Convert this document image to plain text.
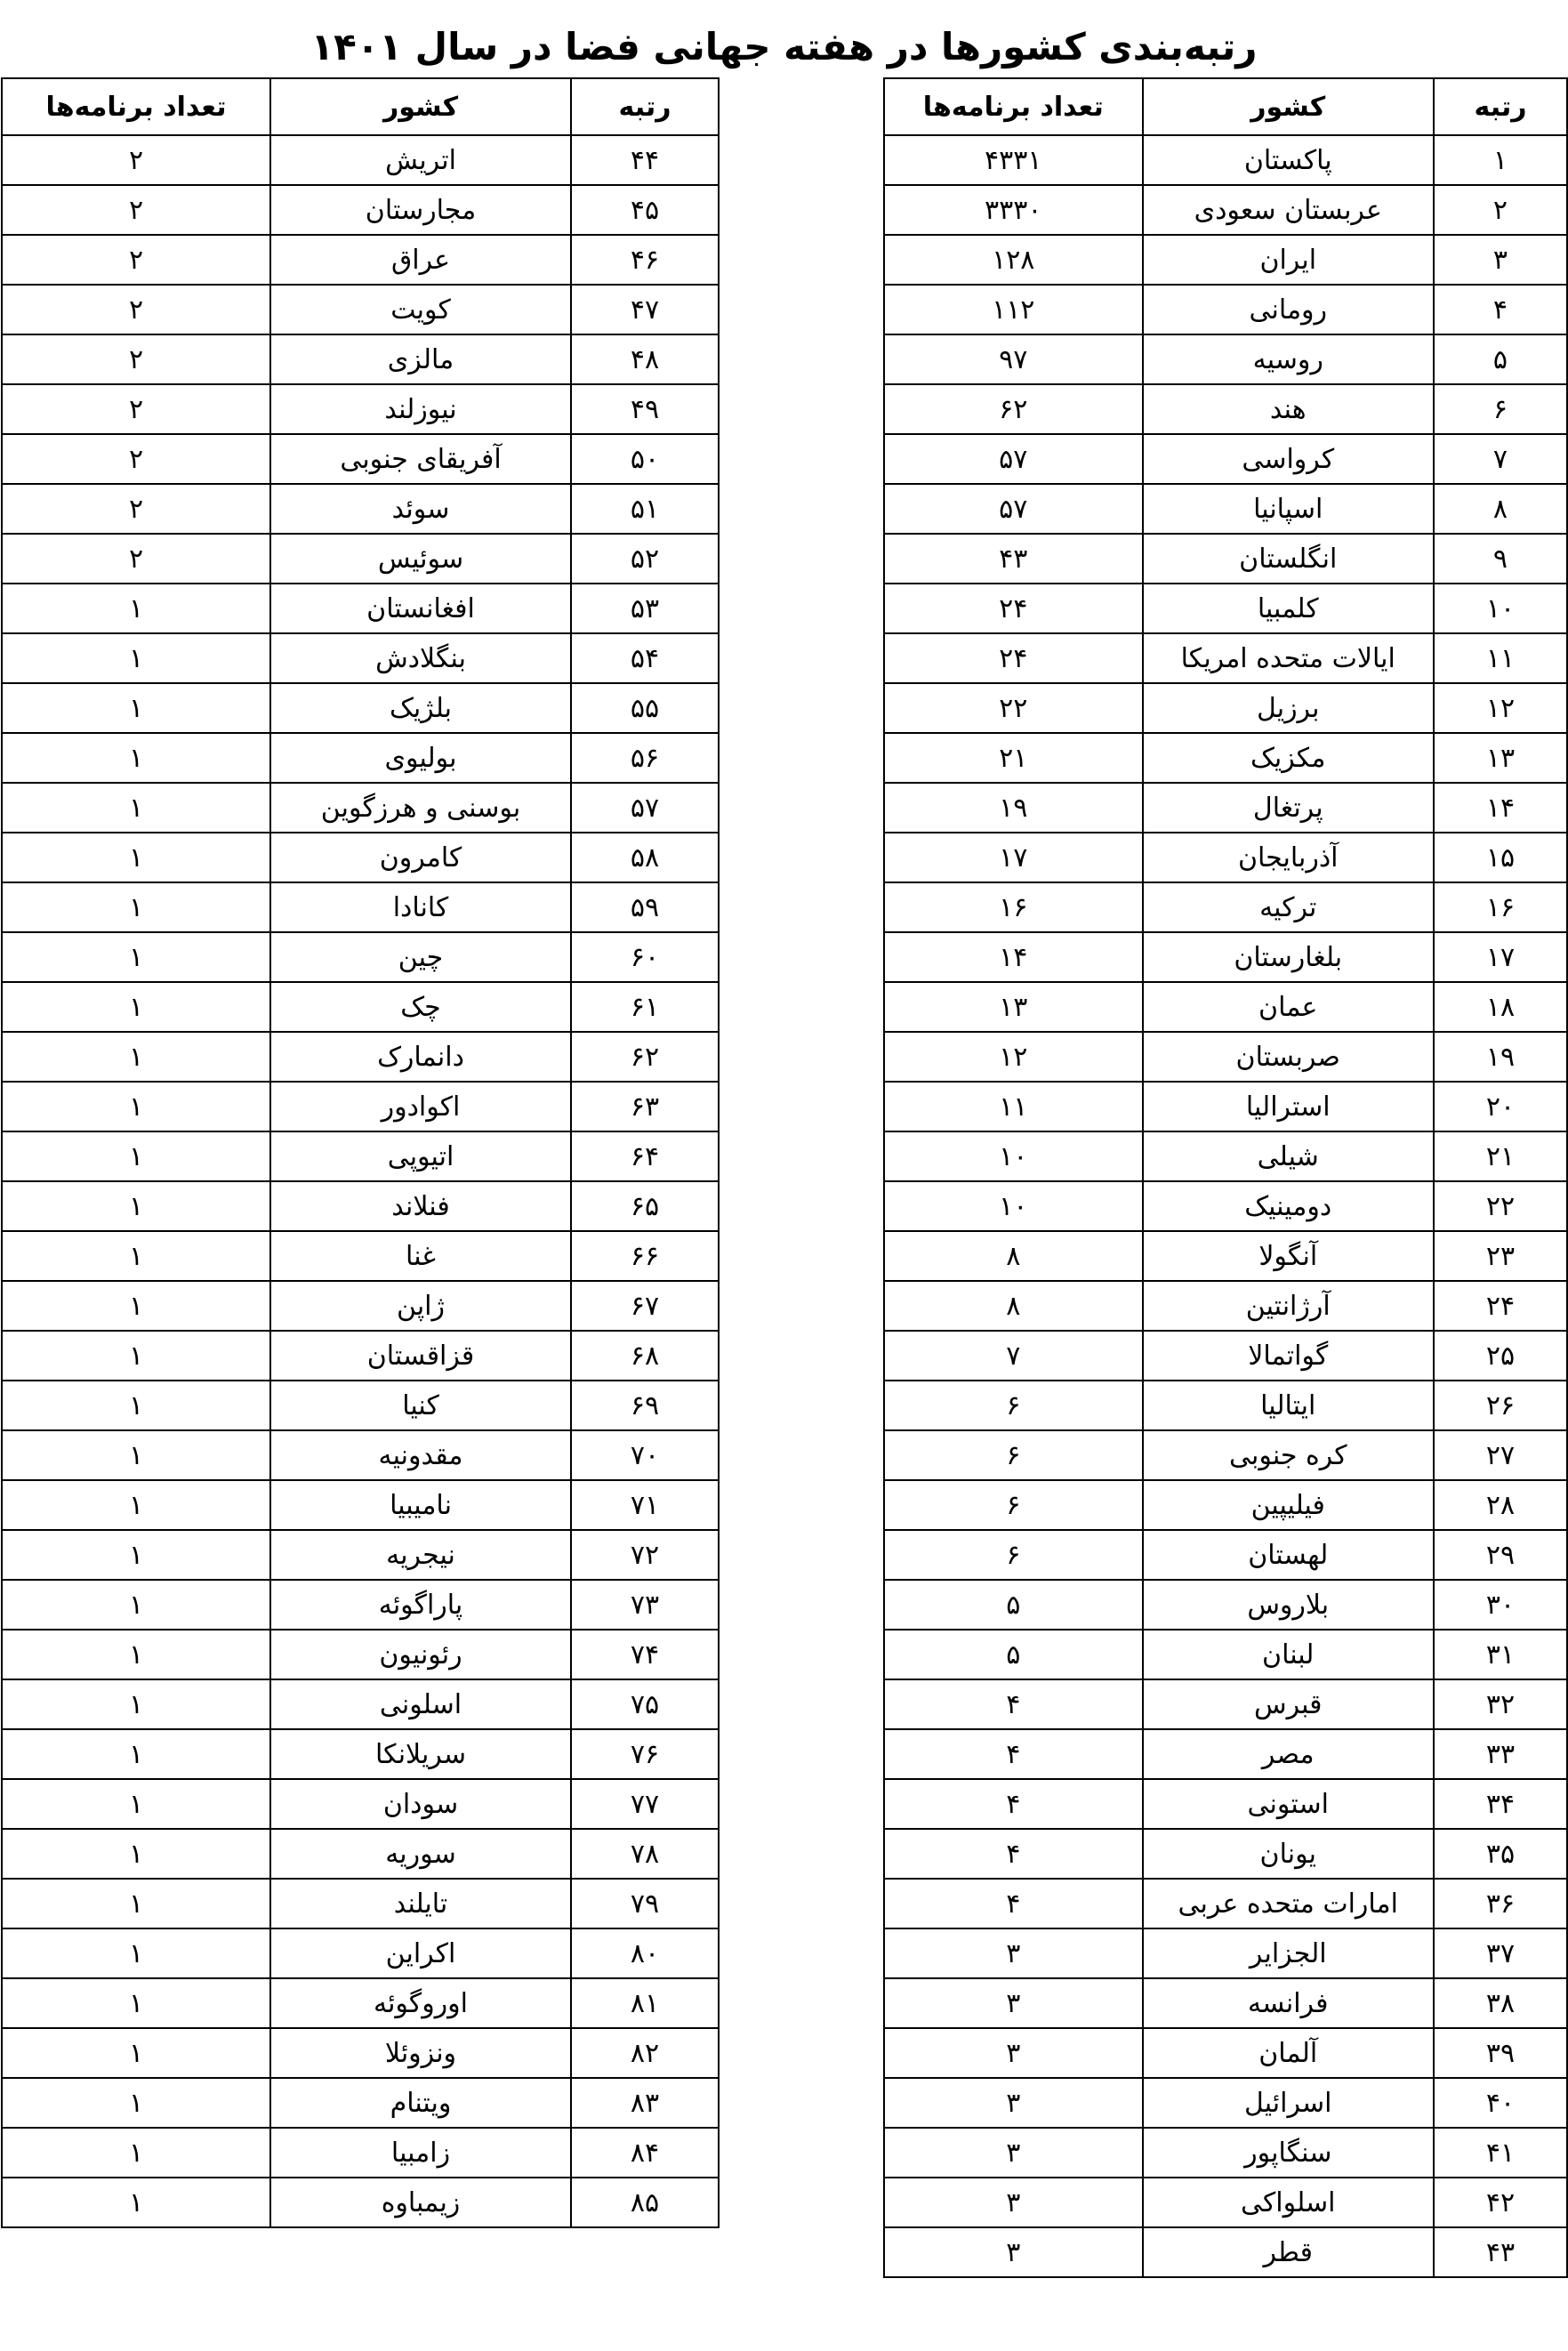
رتبه‌بندی کشورها در هفته جهانی فضا در سال ۱۴۰۱
رتبه	کشور	تعداد برنامه‌ها
۱	پاکستان	۴۳۳۱
۲	عربستان سعودی	۳۳۳۰
۳	ایران	۱۲۸
۴	رومانی	۱۱۲
۵	روسیه	۹۷
۶	هند	۶۲
۷	کرواسی	۵۷
۸	اسپانیا	۵۷
۹	انگلستان	۴۳
۱۰	کلمبیا	۲۴
۱۱	ایالات متحده امریکا	۲۴
۱۲	برزیل	۲۲
۱۳	مکزیک	۲۱
۱۴	پرتغال	۱۹
۱۵	آذربایجان	۱۷
۱۶	ترکیه	۱۶
۱۷	بلغارستان	۱۴
۱۸	عمان	۱۳
۱۹	صربستان	۱۲
۲۰	استرالیا	۱۱
۲۱	شیلی	۱۰
۲۲	دومینیک	۱۰
۲۳	آنگولا	۸
۲۴	آرژانتین	۸
۲۵	گواتمالا	۷
۲۶	ایتالیا	۶
۲۷	کره جنوبی	۶
۲۸	فیلیپین	۶
۲۹	لهستان	۶
۳۰	بلاروس	۵
۳۱	لبنان	۵
۳۲	قبرس	۴
۳۳	مصر	۴
۳۴	استونی	۴
۳۵	یونان	۴
۳۶	امارات متحده عربی	۴
۳۷	الجزایر	۳
۳۸	فرانسه	۳
۳۹	آلمان	۳
۴۰	اسرائیل	۳
۴۱	سنگاپور	۳
۴۲	اسلواکی	۳
۴۳	قطر	۳
رتبه	کشور	تعداد برنامه‌ها
۴۴	اتریش	۲
۴۵	مجارستان	۲
۴۶	عراق	۲
۴۷	کویت	۲
۴۸	مالزی	۲
۴۹	نیوزلند	۲
۵۰	آفریقای جنوبی	۲
۵۱	سوئد	۲
۵۲	سوئیس	۲
۵۳	افغانستان	۱
۵۴	بنگلادش	۱
۵۵	بلژیک	۱
۵۶	بولیوی	۱
۵۷	بوسنی و هرزگوین	۱
۵۸	کامرون	۱
۵۹	کانادا	۱
۶۰	چین	۱
۶۱	چک	۱
۶۲	دانمارک	۱
۶۳	اکوادور	۱
۶۴	اتیوپی	۱
۶۵	فنلاند	۱
۶۶	غنا	۱
۶۷	ژاپن	۱
۶۸	قزاقستان	۱
۶۹	کنیا	۱
۷۰	مقدونیه	۱
۷۱	نامیبیا	۱
۷۲	نیجریه	۱
۷۳	پاراگوئه	۱
۷۴	رئونیون	۱
۷۵	اسلونی	۱
۷۶	سریلانکا	۱
۷۷	سودان	۱
۷۸	سوریه	۱
۷۹	تایلند	۱
۸۰	اکراین	۱
۸۱	اوروگوئه	۱
۸۲	ونزوئلا	۱
۸۳	ویتنام	۱
۸۴	زامبیا	۱
۸۵	زیمباوه	۱
